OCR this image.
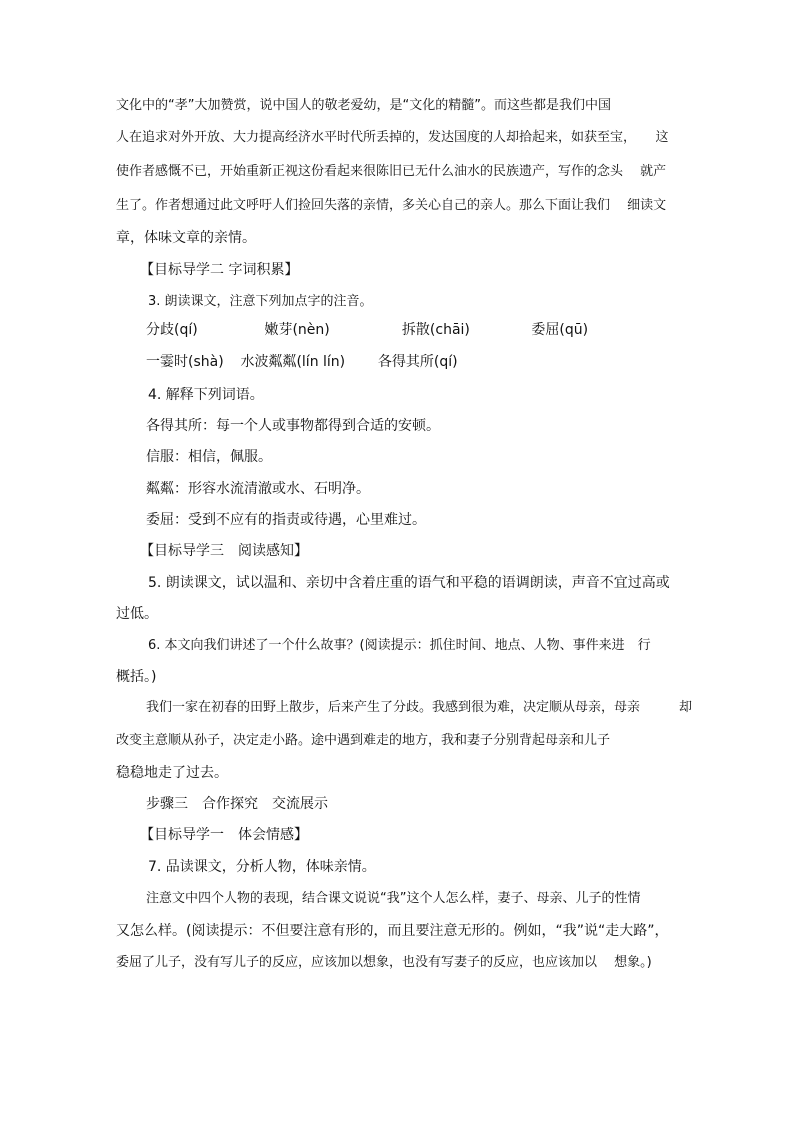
文化中的“孝”大加赞赏，说中国人的敬老爱幼，是“文化的精髓”。而这些都是我们中国
人在追求对外开放、大力提高经济水平时代所丢掉的，发达国度的人却拾起来，如获至宝，　　这
使作者感慨不已，开始重新正视这份看起来很陈旧已无什么油水的民族遗产，写作的念头　 就产
生了。作者想通过此文呼吁人们捡回失落的亲情，多关心自己的亲人。那么下面让我们　 细读文
章，体味文章的亲情。
【目标导学二 字词积累】
3. 朗读课文，注意下列加点字的注音。
分歧(qí)	嫩芽(nèn)	拆散(chāi)	委屈(qū)
一霎时(shà) 水波粼粼(lín lín) 各得其所(qí)
4. 解释下列词语。
各得其所：每一个人或事物都得到合适的安顿。
信服：相信，佩服。
粼粼：形容水流清澈或水、石明净。
委屈：受到不应有的指责或待遇，心里难过。
【目标导学三　阅读感知】
5. 朗读课文，试以温和、亲切中含着庄重的语气和平稳的语调朗读，声音不宜过高或
过低。
6. 本文向我们讲述了一个什么故事？(阅读提示：抓住时间、地点、人物、事件来进　行
概括。)
我们一家在初春的田野上散步，后来产生了分歧。我感到很为难，决定顺从母亲，母亲　　　却
改变主意顺从孙子，决定走小路。途中遇到难走的地方，我和妻子分别背起母亲和儿子
稳稳地走了过去。
步骤三　合作探究　交流展示
【目标导学一　体会情感】
7. 品读课文，分析人物，体味亲情。
注意文中四个人物的表现，结合课文说说“我”这个人怎么样，妻子、母亲、儿子的性情
又怎么样。(阅读提示：不但要注意有形的，而且要注意无形的。例如，“我”说“走大路”，
委屈了儿子，没有写儿子的反应，应该加以想象，也没有写妻子的反应，也应该加以　 想象。)
